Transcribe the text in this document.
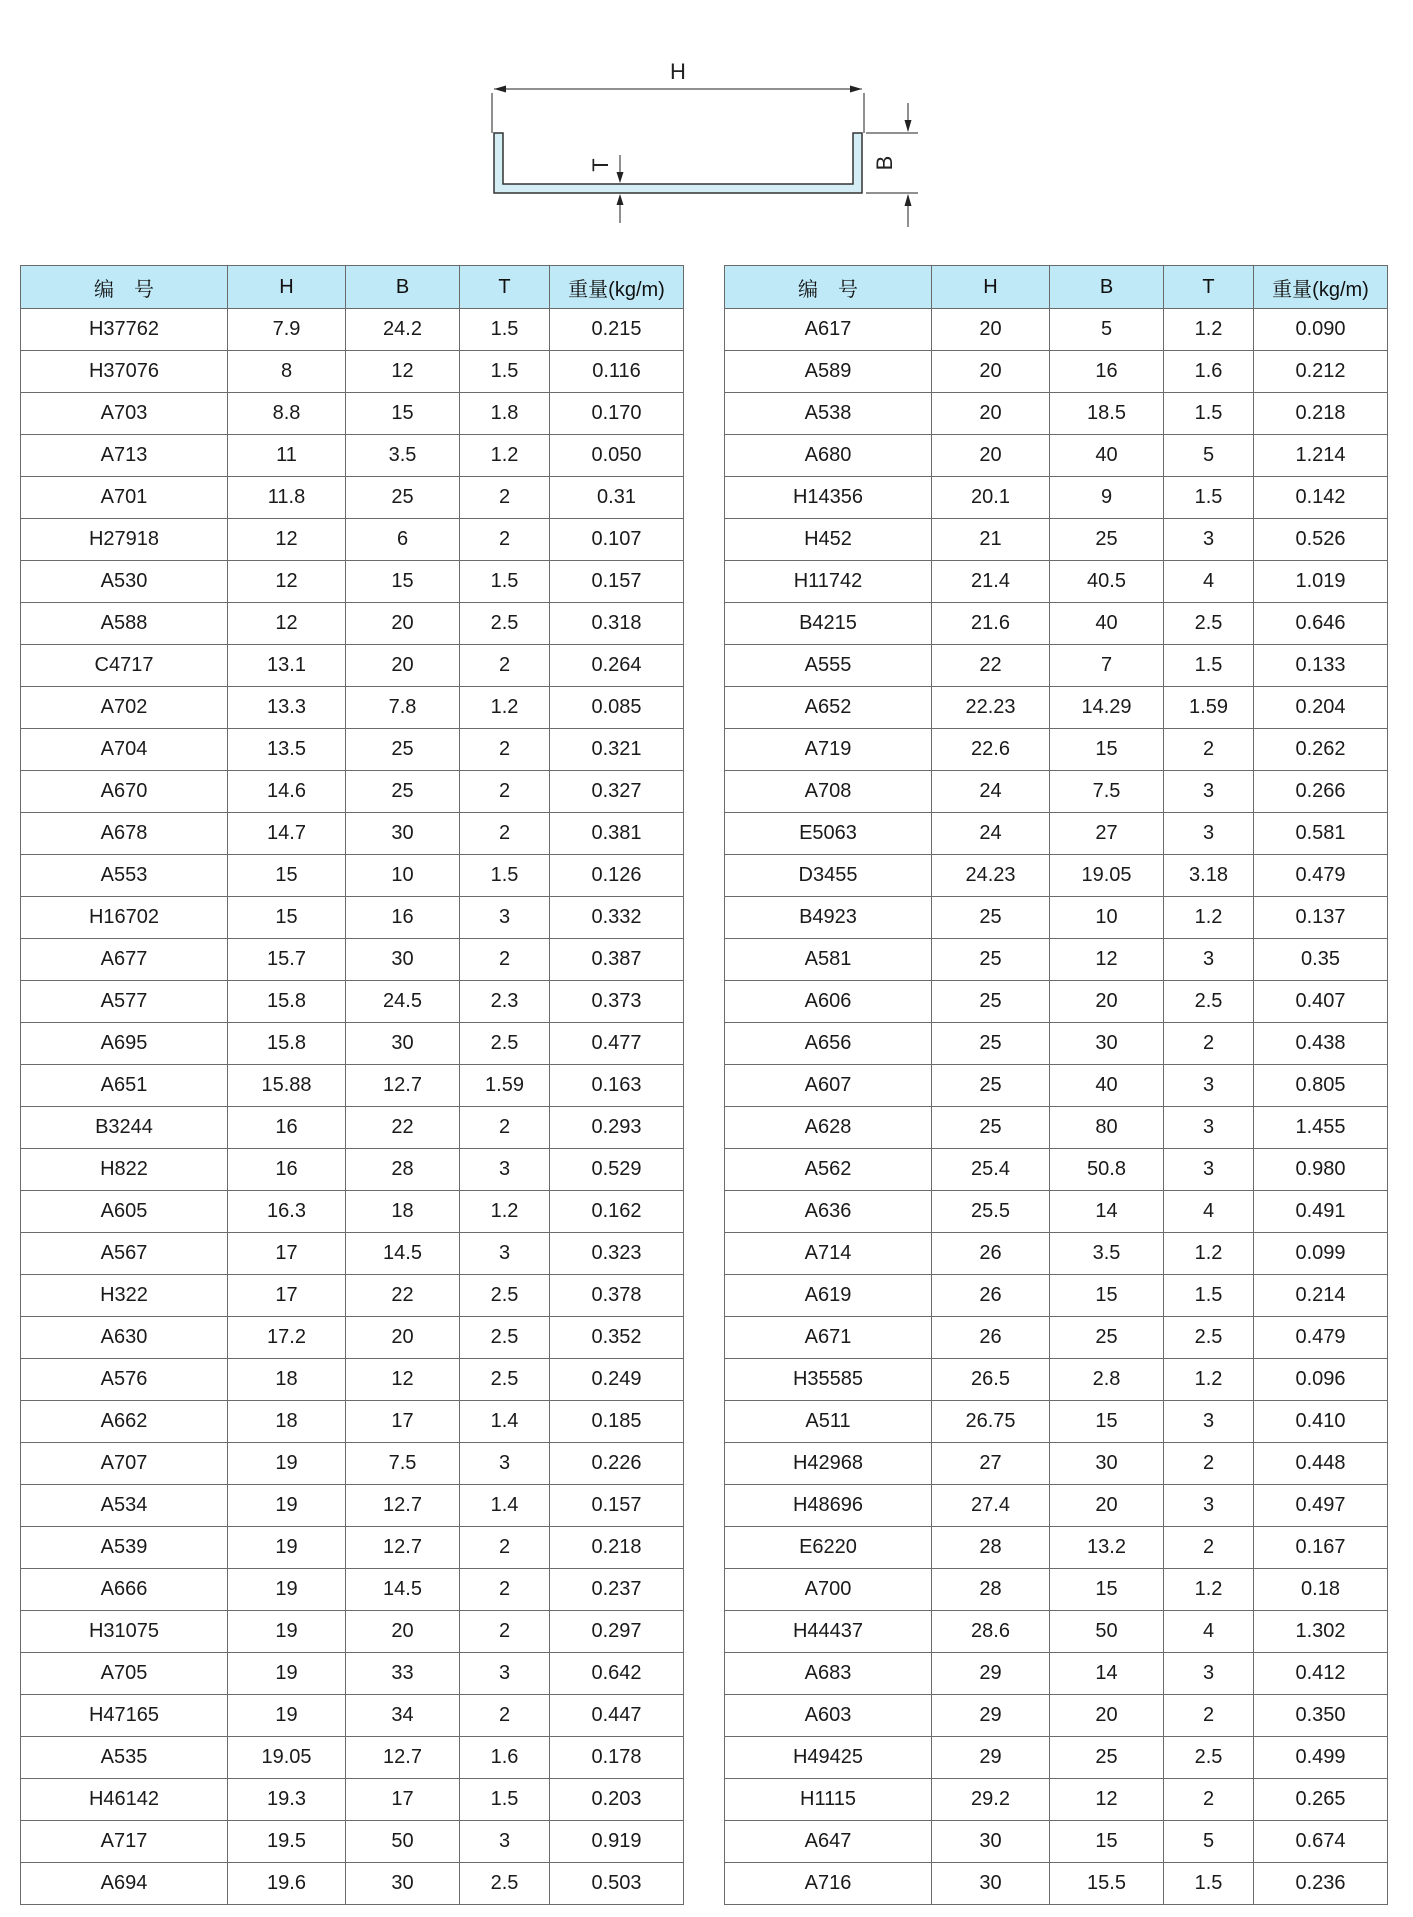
H
B
T
编　号	H	B	T	重量(kg/m)
H37762	7.9	24.2	1.5	0.215
H37076	8	12	1.5	0.116
A703	8.8	15	1.8	0.170
A713	11	3.5	1.2	0.050
A701	11.8	25	2	0.31
H27918	12	6	2	0.107
A530	12	15	1.5	0.157
A588	12	20	2.5	0.318
C4717	13.1	20	2	0.264
A702	13.3	7.8	1.2	0.085
A704	13.5	25	2	0.321
A670	14.6	25	2	0.327
A678	14.7	30	2	0.381
A553	15	10	1.5	0.126
H16702	15	16	3	0.332
A677	15.7	30	2	0.387
A577	15.8	24.5	2.3	0.373
A695	15.8	30	2.5	0.477
A651	15.88	12.7	1.59	0.163
B3244	16	22	2	0.293
H822	16	28	3	0.529
A605	16.3	18	1.2	0.162
A567	17	14.5	3	0.323
H322	17	22	2.5	0.378
A630	17.2	20	2.5	0.352
A576	18	12	2.5	0.249
A662	18	17	1.4	0.185
A707	19	7.5	3	0.226
A534	19	12.7	1.4	0.157
A539	19	12.7	2	0.218
A666	19	14.5	2	0.237
H31075	19	20	2	0.297
A705	19	33	3	0.642
H47165	19	34	2	0.447
A535	19.05	12.7	1.6	0.178
H46142	19.3	17	1.5	0.203
A717	19.5	50	3	0.919
A694	19.6	30	2.5	0.503
编　号	H	B	T	重量(kg/m)
A617	20	5	1.2	0.090
A589	20	16	1.6	0.212
A538	20	18.5	1.5	0.218
A680	20	40	5	1.214
H14356	20.1	9	1.5	0.142
H452	21	25	3	0.526
H11742	21.4	40.5	4	1.019
B4215	21.6	40	2.5	0.646
A555	22	7	1.5	0.133
A652	22.23	14.29	1.59	0.204
A719	22.6	15	2	0.262
A708	24	7.5	3	0.266
E5063	24	27	3	0.581
D3455	24.23	19.05	3.18	0.479
B4923	25	10	1.2	0.137
A581	25	12	3	0.35
A606	25	20	2.5	0.407
A656	25	30	2	0.438
A607	25	40	3	0.805
A628	25	80	3	1.455
A562	25.4	50.8	3	0.980
A636	25.5	14	4	0.491
A714	26	3.5	1.2	0.099
A619	26	15	1.5	0.214
A671	26	25	2.5	0.479
H35585	26.5	2.8	1.2	0.096
A511	26.75	15	3	0.410
H42968	27	30	2	0.448
H48696	27.4	20	3	0.497
E6220	28	13.2	2	0.167
A700	28	15	1.2	0.18
H44437	28.6	50	4	1.302
A683	29	14	3	0.412
A603	29	20	2	0.350
H49425	29	25	2.5	0.499
H1115	29.2	12	2	0.265
A647	30	15	5	0.674
A716	30	15.5	1.5	0.236
